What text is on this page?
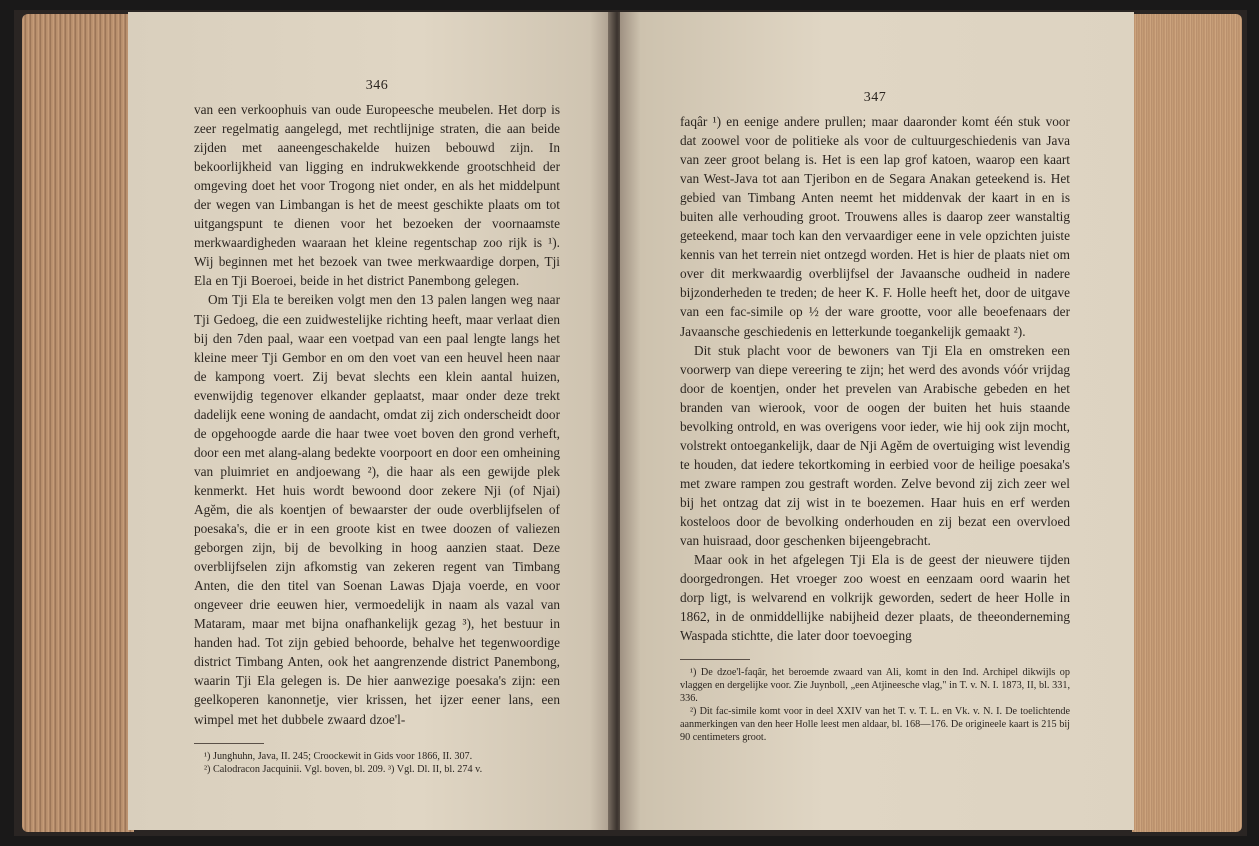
346

van een verkoophuis van oude Europeesche meubelen. Het dorp is zeer regelmatig aangelegd, met rechtlijnige straten, die aan beide zijden met aaneengeschakelde huizen bebouwd zijn. In bekoorlijkheid van ligging en indrukwekkende grootschheid der omgeving doet het voor Trogong niet onder, en als het middelpunt der wegen van Limbangan is het de meest geschikte plaats om tot uitgangspunt te dienen voor het bezoeken der voornaamste merkwaardigheden waaraan het kleine regentschap zoo rijk is ¹). Wij beginnen met het bezoek van twee merkwaardige dorpen, Tji Ela en Tji Boeroei, beide in het district Panembong gelegen.

Om Tji Ela te bereiken volgt men den 13 palen langen weg naar Tji Gedoeg, die een zuidwestelijke richting heeft, maar verlaat dien bij den 7den paal, waar een voetpad van een paal lengte langs het kleine meer Tji Gembor en om den voet van een heuvel heen naar de kampong voert. Zij bevat slechts een klein aantal huizen, evenwijdig tegenover elkander geplaatst, maar onder deze trekt dadelijk eene woning de aandacht, omdat zij zich onderscheidt door de opgehoogde aarde die haar twee voet boven den grond verheft, door een met alang-alang bedekte voorpoort en door een omheining van pluimriet en andjoewang ²), die haar als een gewijde plek kenmerkt. Het huis wordt bewoond door zekere Nji (of Njai) Agĕm, die als koentjen of bewaarster der oude overblijfselen of poesaka's, die er in een groote kist en twee doozen of valiezen geborgen zijn, bij de bevolking in hoog aanzien staat. Deze overblijfselen zijn afkomstig van zekeren regent van Timbang Anten, die den titel van Soenan Lawas Djaja voerde, en voor ongeveer drie eeuwen hier, vermoedelijk in naam als vazal van Mataram, maar met bijna onafhankelijk gezag ³), het bestuur in handen had. Tot zijn gebied behoorde, behalve het tegenwoordige district Timbang Anten, ook het aangrenzende district Panembong, waarin Tji Ela gelegen is. De hier aanwezige poesaka's zijn: een geelkoperen kanonnetje, vier krissen, het ijzer eener lans, een wimpel met het dubbele zwaard dzoe'l-

¹) Junghuhn, Java, II. 245; Croockewit in Gids voor 1866, II. 307.

²) Calodracon Jacquinii. Vgl. boven, bl. 209. ³) Vgl. Dl. II, bl. 274 v.

347

faqâr ¹) en eenige andere prullen; maar daaronder komt één stuk voor dat zoowel voor de politieke als voor de cultuurgeschiedenis van Java van zeer groot belang is. Het is een lap grof katoen, waarop een kaart van West-Java tot aan Tjeribon en de Segara Anakan geteekend is. Het gebied van Timbang Anten neemt het middenvak der kaart in en is buiten alle verhouding groot. Trouwens alles is daarop zeer wanstaltig geteekend, maar toch kan den vervaardiger eene in vele opzichten juiste kennis van het terrein niet ontzegd worden. Het is hier de plaats niet om over dit merkwaardig overblijfsel der Javaansche oudheid in nadere bijzonderheden te treden; de heer K. F. Holle heeft het, door de uitgave van een fac-simile op ½ der ware grootte, voor alle beoefenaars der Javaansche geschiedenis en letterkunde toegankelijk gemaakt ²).

Dit stuk placht voor de bewoners van Tji Ela en omstreken een voorwerp van diepe vereering te zijn; het werd des avonds vóór vrijdag door de koentjen, onder het prevelen van Arabische gebeden en het branden van wierook, voor de oogen der buiten het huis staande bevolking ontrold, en was overigens voor ieder, wie hij ook zijn mocht, volstrekt ontoegankelijk, daar de Nji Agĕm de overtuiging wist levendig te houden, dat iedere tekortkoming in eerbied voor de heilige poesaka's met zware rampen zou gestraft worden. Zelve bevond zij zich zeer wel bij het ontzag dat zij wist in te boezemen. Haar huis en erf werden kosteloos door de bevolking onderhouden en zij bezat een overvloed van huisraad, door geschenken bijeengebracht.

Maar ook in het afgelegen Tji Ela is de geest der nieuwere tijden doorgedrongen. Het vroeger zoo woest en eenzaam oord waarin het dorp ligt, is welvarend en volkrijk geworden, sedert de heer Holle in 1862, in de onmiddellijke nabijheid dezer plaats, de theeonderneming Waspada stichtte, die later door toevoeging

¹) De dzoe'l-faqâr, het beroemde zwaard van Ali, komt in den Ind. Archipel dikwijls op vlaggen en dergelijke voor. Zie Juynboll, „een Atjineesche vlag," in T. v. N. I. 1873, II, bl. 331, 336.

²) Dit fac-simile komt voor in deel XXIV van het T. v. T. L. en Vk. v. N. I. De toelichtende aanmerkingen van den heer Holle leest men aldaar, bl. 168—176. De origineele kaart is 215 bij 90 centimeters groot.
